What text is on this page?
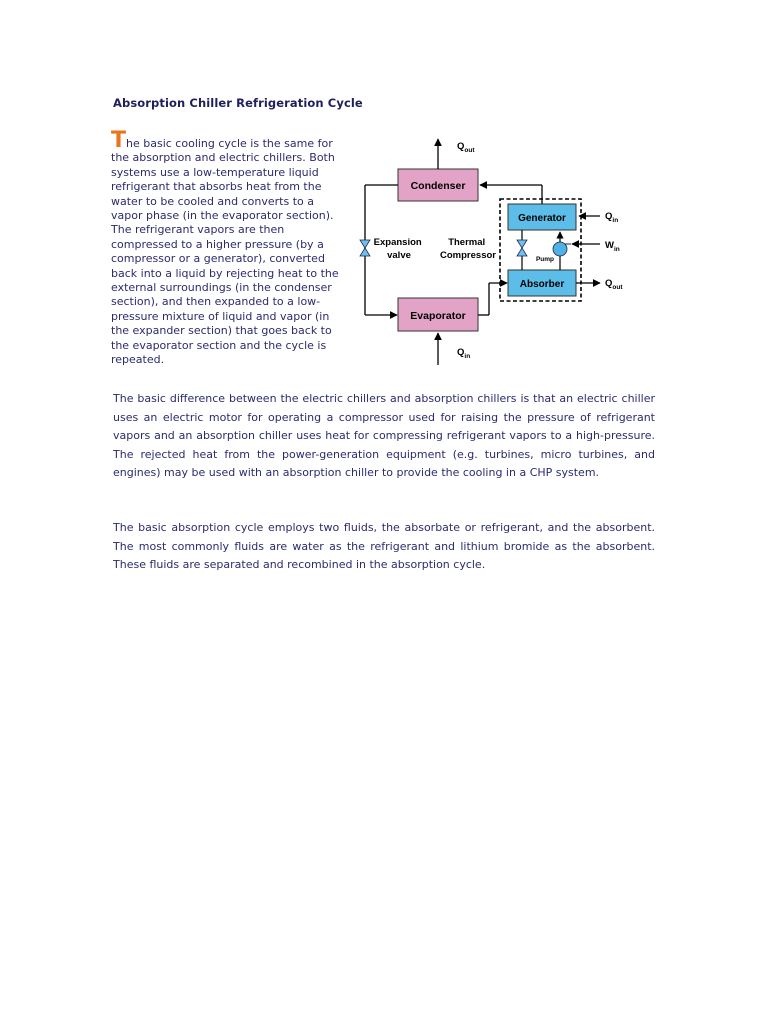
Absorption Chiller Refrigeration Cycle
The basic cooling cycle is the same for the absorption and electric chillers. Both systems use a low-temperature liquid refrigerant that absorbs heat from the water to be cooled and converts to a vapor phase (in the evaporator section). The refrigerant vapors are then compressed to a higher pressure (by a compressor or a generator), converted back into a liquid by rejecting heat to the external surroundings (in the condenser section), and then expanded to a low- pressure mixture of liquid and vapor (in the expander section) that goes back to the evaporator section and the cycle is repeated.
Condenser
Evaporator
Generator
Absorber
$Q_{out}$
$Q_{in}$
Expansion valve
Thermal Compressor	Pump
$Q_{in}$
$W_{in}$
$Q_{out}$
The basic difference between the electric chillers and absorption chillers is that an electric chiller uses an electric motor for operating a compressor used for raising the pressure of refrigerant vapors and an absorption chiller uses heat for compressing refrigerant vapors to a high-pressure. The rejected heat from the power-generation equipment (e.g. turbines, micro turbines, and engines) may be used with an absorption chiller to provide the cooling in a CHP system.
The basic absorption cycle employs two fluids, the absorbate or refrigerant, and the absorbent. The most commonly fluids are water as the refrigerant and lithium bromide as the absorbent. These fluids are separated and recombined in the absorption cycle.
